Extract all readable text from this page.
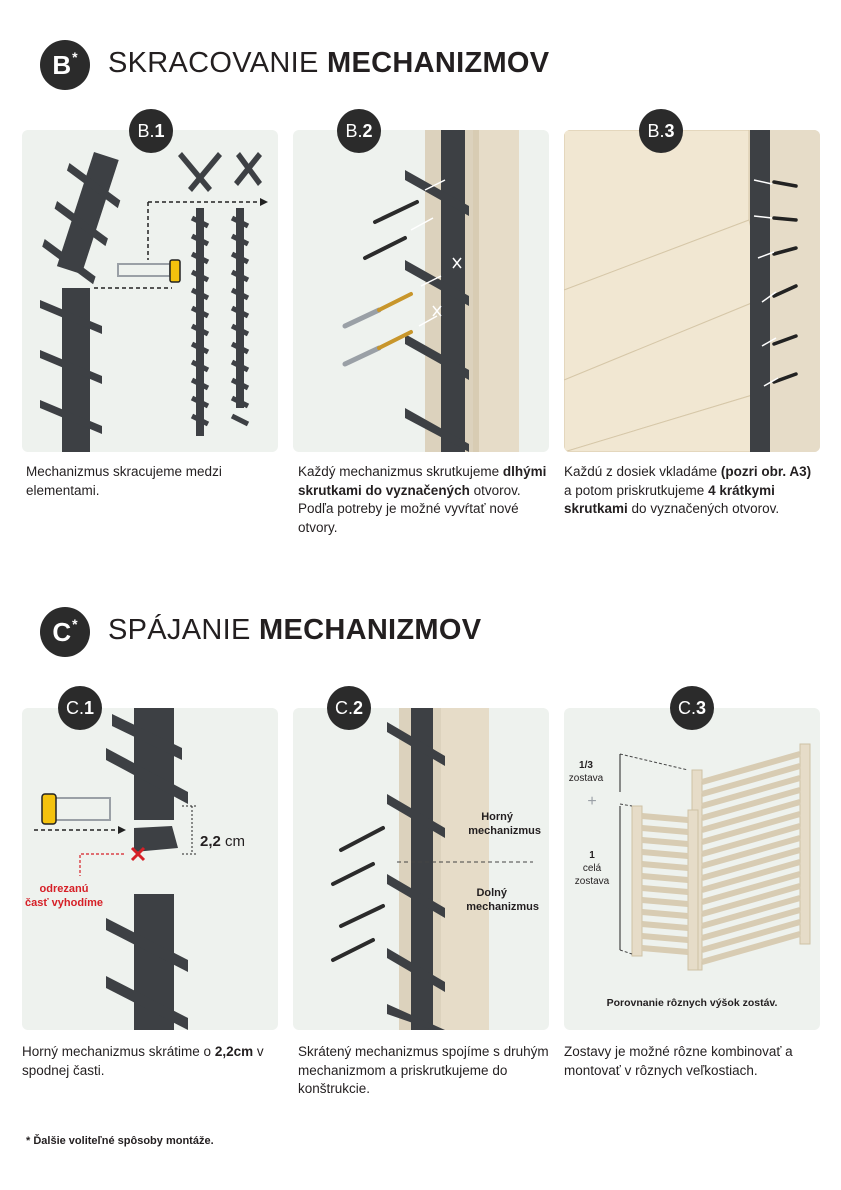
B* SKRACOVANIE MECHANIZMOV
B. 1
Mechanizmus skracujeme medzi elementami.
B. 2
Každý mechanizmus skrutkujeme dlhými skrutkami do vyznačených otvorov. Podľa potreby je možné vyvŕtať nové otvory.
B. 3
Každú z dosiek vkladáme (pozri obr. A3) a potom priskrutkujeme 4 krátkymi skrutkami do vyznačených otvorov.
C* SPÁJANIE MECHANIZMOV
C. 1
2,2 cm
odrezanú
časť vyhodíme
Horný mechanizmus skrátime o 2,2cm v spodnej časti.
C. 2
Horný
mechanizmus
Dolný
mechanizmus
Skrátený mechanizmus spojíme s druhým mechanizmom a priskrutkujeme do konštrukcie.
C. 3
1/3
zostava
+
1
celá
zostava
Porovnanie rôznych výšok zostáv.
Zostavy je možné rôzne kombinovať a montovať v rôznych veľkostiach.
* Ďalšie voliteľné spôsoby montáže.
